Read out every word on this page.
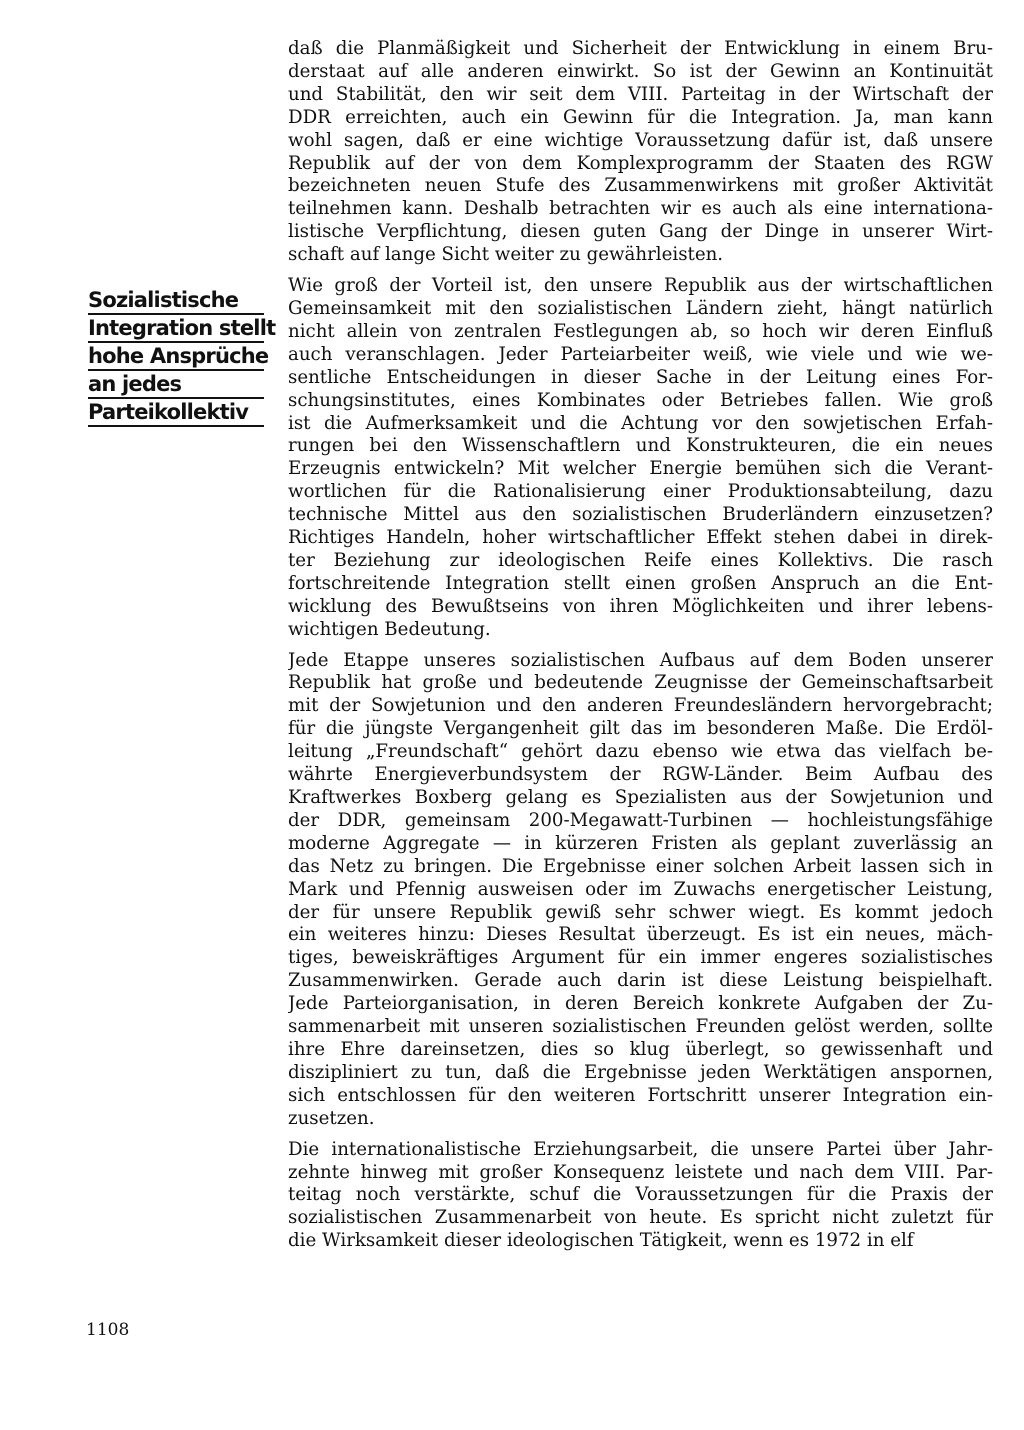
Sozialistische
Integration stellt
hohe Ansprüche
an jedes
Parteikollektiv
daß die Planmäßigkeit und Sicherheit der Entwicklung in einem Bru-
derstaat auf alle anderen einwirkt. So ist der Gewinn an Kontinuität
und Stabilität, den wir seit dem VIII. Parteitag in der Wirtschaft der
DDR erreichten, auch ein Gewinn für die Integration. Ja, man kann
wohl sagen, daß er eine wichtige Voraussetzung dafür ist, daß unsere
Republik auf der von dem Komplexprogramm der Staaten des RGW
bezeichneten neuen Stufe des Zusammenwirkens mit großer Aktivität
teilnehmen kann. Deshalb betrachten wir es auch als eine internationa-
listische Verpflichtung, diesen guten Gang der Dinge in unserer Wirt-
schaft auf lange Sicht weiter zu gewährleisten.
Wie groß der Vorteil ist, den unsere Republik aus der wirtschaftlichen
Gemeinsamkeit mit den sozialistischen Ländern zieht, hängt natürlich
nicht allein von zentralen Festlegungen ab, so hoch wir deren Einfluß
auch veranschlagen. Jeder Parteiarbeiter weiß, wie viele und wie we-
sentliche Entscheidungen in dieser Sache in der Leitung eines For-
schungsinstitutes, eines Kombinates oder Betriebes fallen. Wie groß
ist die Aufmerksamkeit und die Achtung vor den sowjetischen Erfah-
rungen bei den Wissenschaftlern und Konstrukteuren, die ein neues
Erzeugnis entwickeln? Mit welcher Energie bemühen sich die Verant-
wortlichen für die Rationalisierung einer Produktionsabteilung, dazu
technische Mittel aus den sozialistischen Bruderländern einzusetzen?
Richtiges Handeln, hoher wirtschaftlicher Effekt stehen dabei in direk-
ter Beziehung zur ideologischen Reife eines Kollektivs. Die rasch
fortschreitende Integration stellt einen großen Anspruch an die Ent-
wicklung des Bewußtseins von ihren Möglichkeiten und ihrer lebens-
wichtigen Bedeutung.
Jede Etappe unseres sozialistischen Aufbaus auf dem Boden unserer
Republik hat große und bedeutende Zeugnisse der Gemeinschaftsarbeit
mit der Sowjetunion und den anderen Freundesländern hervorgebracht;
für die jüngste Vergangenheit gilt das im besonderen Maße. Die Erdöl-
leitung „Freundschaft“ gehört dazu ebenso wie etwa das vielfach be-
währte Energieverbundsystem der RGW-Länder. Beim Aufbau des
Kraftwerkes Boxberg gelang es Spezialisten aus der Sowjetunion und
der DDR, gemeinsam 200-Megawatt-Turbinen — hochleistungsfähige
moderne Aggregate — in kürzeren Fristen als geplant zuverlässig an
das Netz zu bringen. Die Ergebnisse einer solchen Arbeit lassen sich in
Mark und Pfennig ausweisen oder im Zuwachs energetischer Leistung,
der für unsere Republik gewiß sehr schwer wiegt. Es kommt jedoch
ein weiteres hinzu: Dieses Resultat überzeugt. Es ist ein neues, mäch-
tiges, beweiskräftiges Argument für ein immer engeres sozialistisches
Zusammenwirken. Gerade auch darin ist diese Leistung beispielhaft.
Jede Parteiorganisation, in deren Bereich konkrete Aufgaben der Zu-
sammenarbeit mit unseren sozialistischen Freunden gelöst werden, sollte
ihre Ehre dareinsetzen, dies so klug überlegt, so gewissenhaft und
diszipliniert zu tun, daß die Ergebnisse jeden Werktätigen anspornen,
sich entschlossen für den weiteren Fortschritt unserer Integration ein-
zusetzen.
Die internationalistische Erziehungsarbeit, die unsere Partei über Jahr-
zehnte hinweg mit großer Konsequenz leistete und nach dem VIII. Par-
teitag noch verstärkte, schuf die Voraussetzungen für die Praxis der
sozialistischen Zusammenarbeit von heute. Es spricht nicht zuletzt für
die Wirksamkeit dieser ideologischen Tätigkeit, wenn es 1972 in elf
1108
